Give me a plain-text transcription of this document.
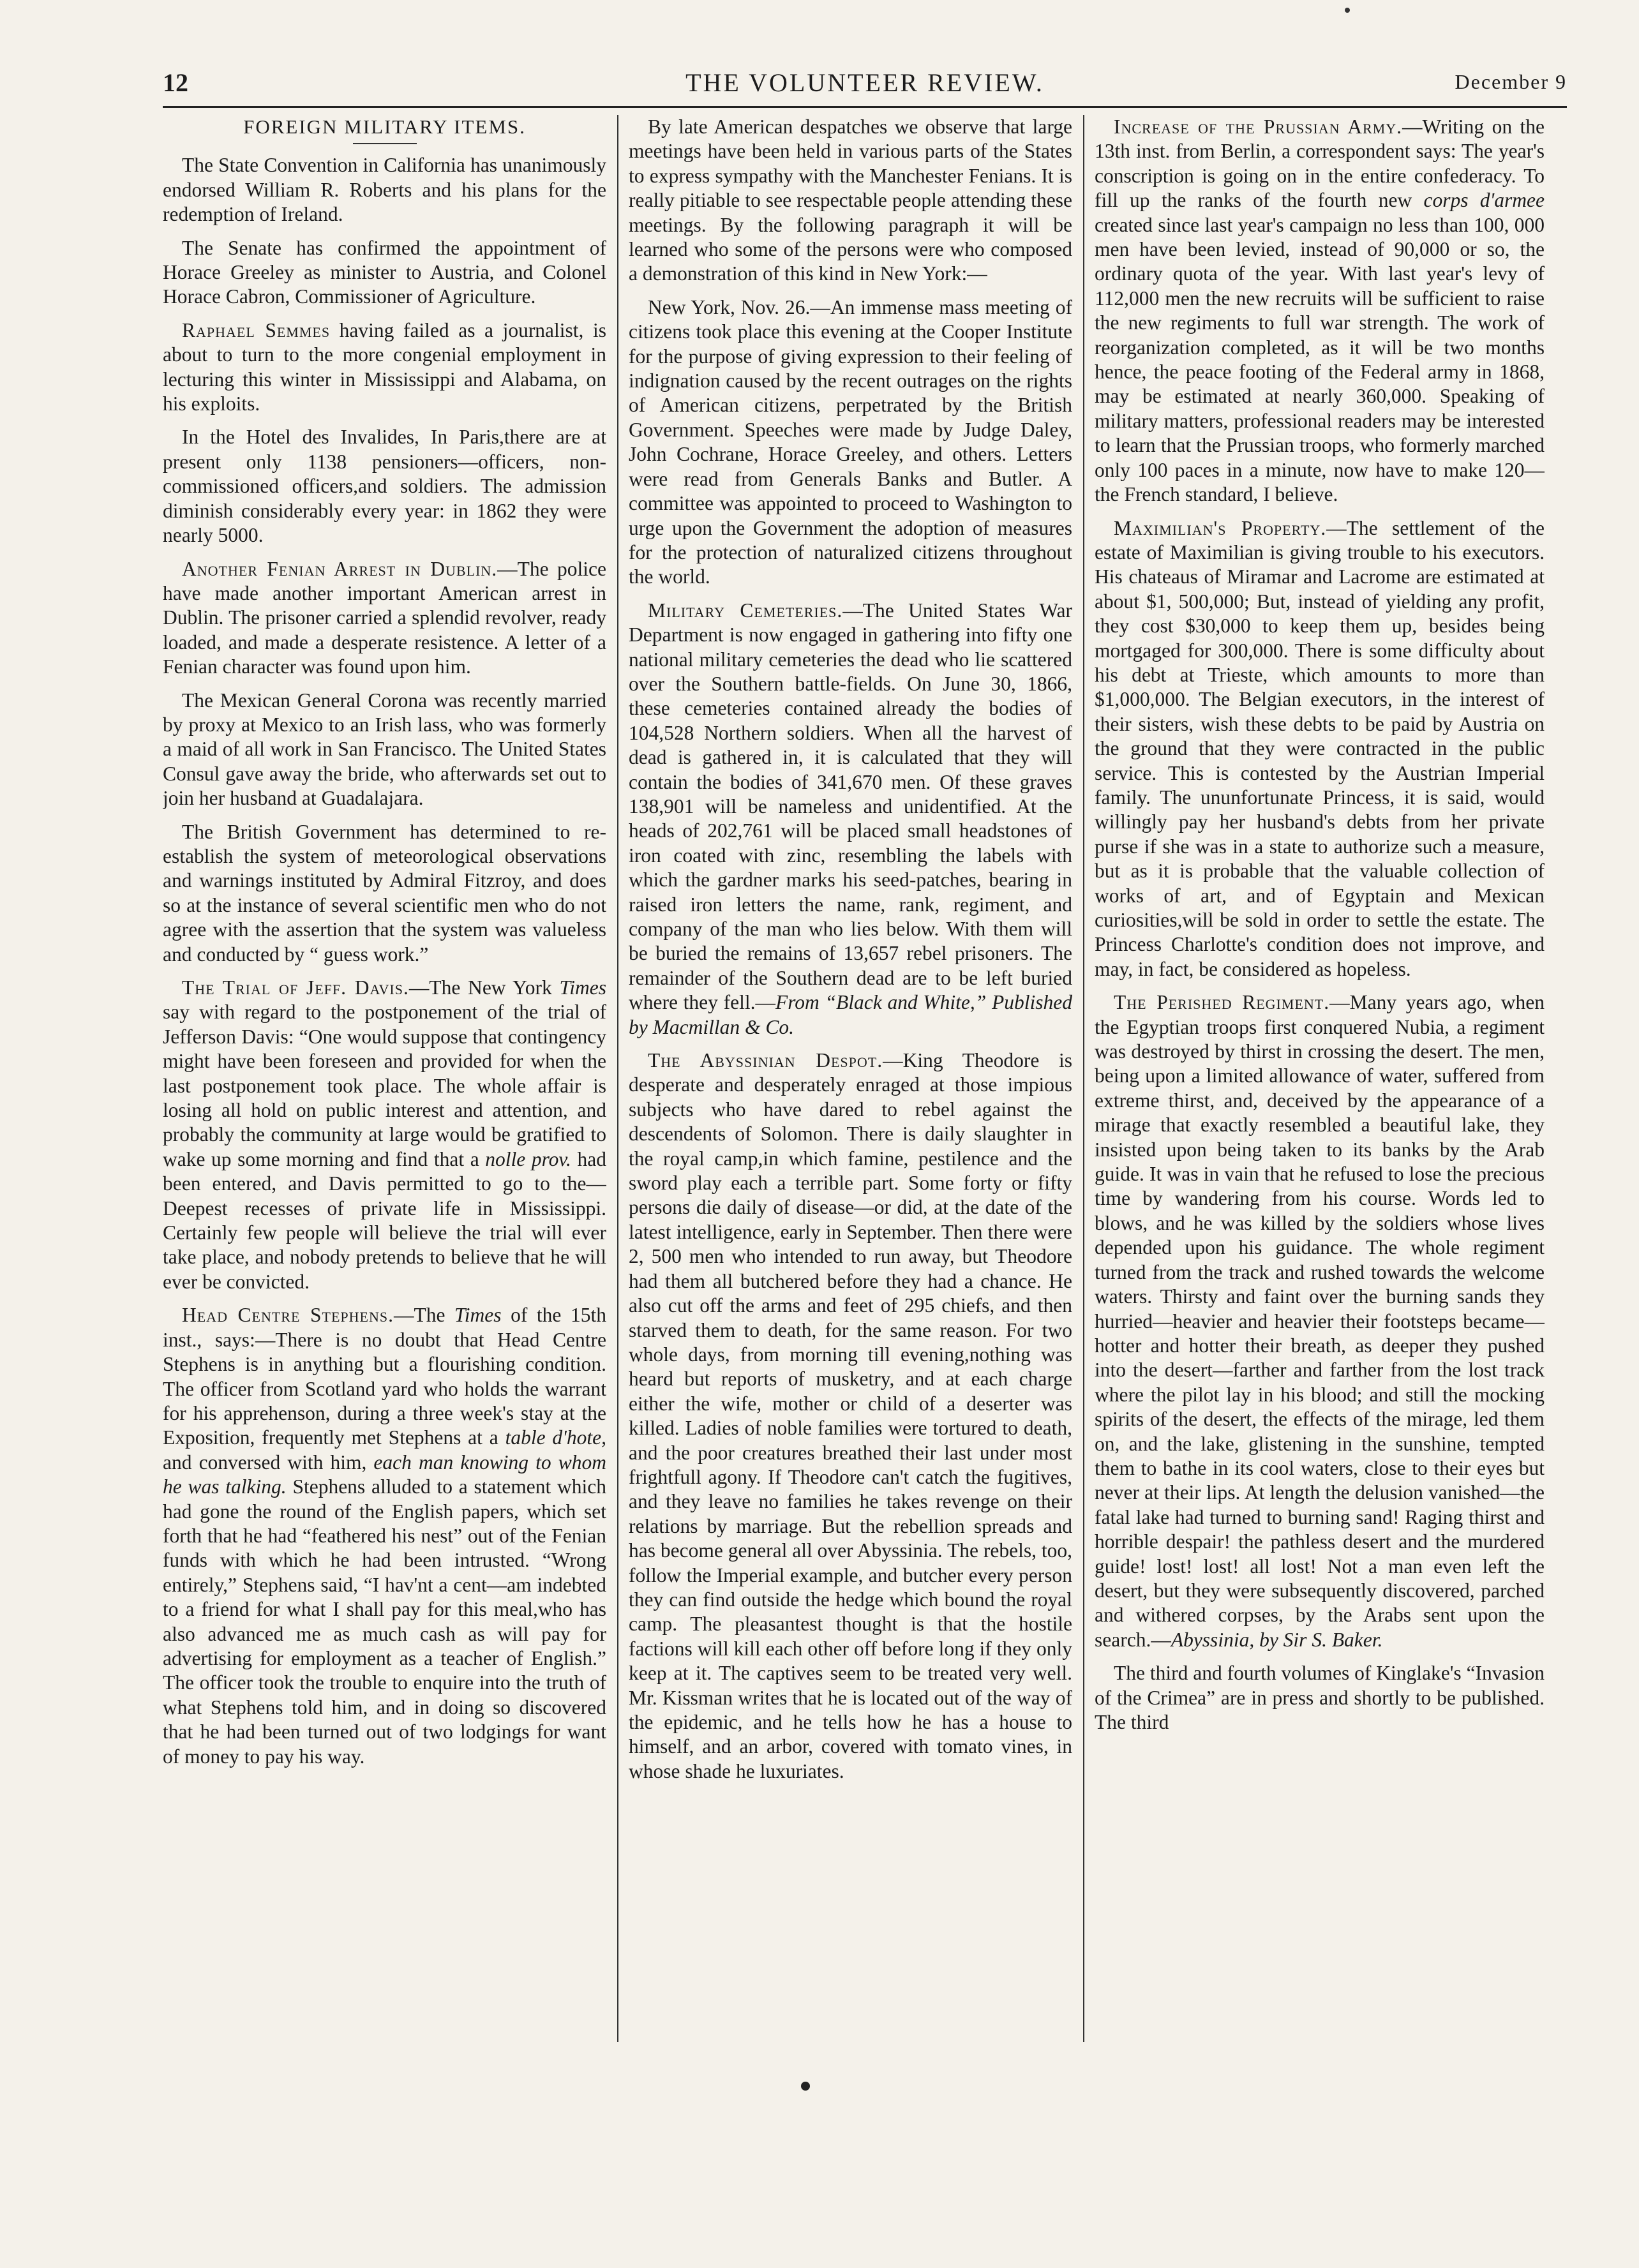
12	THE VOLUNTEER REVIEW.	December 9
FOREIGN MILITARY ITEMS.

The State Convention in California has unanimously endorsed William R. Roberts and his plans for the redemption of Ireland.

The Senate has confirmed the appointment of Horace Greeley as minister to Austria, and Colonel Horace Cabron, Commissioner of Agriculture.

Raphael Semmes having failed as a journalist, is about to turn to the more congenial employment in lecturing this winter in Mississippi and Alabama, on his exploits.

In the Hotel des Invalides, In Paris,there are at present only 1138 pensioners—officers, non-commissioned officers,and soldiers. The admission diminish considerably every year: in 1862 they were nearly 5000.

Another Fenian Arrest in Dublin.—The police have made another important American arrest in Dublin. The prisoner carried a splendid revolver, ready loaded, and made a desperate resistence. A letter of a Fenian character was found upon him.

The Mexican General Corona was recently married by proxy at Mexico to an Irish lass, who was formerly a maid of all work in San Francisco. The United States Consul gave away the bride, who afterwards set out to join her husband at Guadalajara.

The British Government has determined to re-establish the system of meteorological observations and warnings instituted by Admiral Fitzroy, and does so at the instance of several scientific men who do not agree with the assertion that the system was valueless and conducted by “ guess work.”

The Trial of Jeff. Davis.—The New York Times say with regard to the postponement of the trial of Jefferson Davis: “One would suppose that contingency might have been foreseen and provided for when the last postponement took place. The whole affair is losing all hold on public interest and attention, and probably the community at large would be gratified to wake up some morning and find that a nolle prov. had been entered, and Davis permitted to go to the—Deepest recesses of private life in Mississippi. Certainly few people will believe the trial will ever take place, and nobody pretends to believe that he will ever be convicted.

Head Centre Stephens.—The Times of the 15th inst., says:—There is no doubt that Head Centre Stephens is in anything but a flourishing condition. The officer from Scotland yard who holds the warrant for his apprehenson, during a three week's stay at the Exposition, frequently met Stephens at a table d'hote, and conversed with him, each man knowing to whom he was talking. Stephens alluded to a statement which had gone the round of the English papers, which set forth that he had “feathered his nest” out of the Fenian funds with which he had been intrusted. “Wrong entirely,” Stephens said, “I hav'nt a cent—am indebted to a friend for what I shall pay for this meal,who has also advanced me as much cash as will pay for advertising for employment as a teacher of English.” The officer took the trouble to enquire into the truth of what Stephens told him, and in doing so discovered that he had been turned out of two lodgings for want of money to pay his way.

By late American despatches we observe that large meetings have been held in various parts of the States to express sympathy with the Manchester Fenians. It is really pitiable to see respectable people attending these meetings. By the following paragraph it will be learned who some of the persons were who composed a demonstration of this kind in New York:—

New York, Nov. 26.—An immense mass meeting of citizens took place this evening at the Cooper Institute for the purpose of giving expression to their feeling of indignation caused by the recent outrages on the rights of American citizens, perpetrated by the British Government. Speeches were made by Judge Daley, John Cochrane, Horace Greeley, and others. Letters were read from Generals Banks and Butler. A committee was appointed to proceed to Washington to urge upon the Government the adoption of measures for the protection of naturalized citizens throughout the world.

Military Cemeteries.—The United States War Department is now engaged in gathering into fifty one national military cemeteries the dead who lie scattered over the Southern battle-fields. On June 30, 1866, these cemeteries contained already the bodies of 104,528 Northern soldiers. When all the harvest of dead is gathered in, it is calculated that they will contain the bodies of 341,670 men. Of these graves 138,901 will be nameless and unidentified. At the heads of 202,761 will be placed small headstones of iron coated with zinc, resembling the labels with which the gardner marks his seed-patches, bearing in raised iron letters the name, rank, regiment, and company of the man who lies below. With them will be buried the remains of 13,657 rebel prisoners. The remainder of the Southern dead are to be left buried where they fell.—From “Black and White,” Published by Macmillan & Co.

The Abyssinian Despot.—King Theodore is desperate and desperately enraged at those impious subjects who have dared to rebel against the descendents of Solomon. There is daily slaughter in the royal camp,in which famine, pestilence and the sword play each a terrible part. Some forty or fifty persons die daily of disease—or did, at the date of the latest intelligence, early in September. Then there were 2, 500 men who intended to run away, but Theodore had them all butchered before they had a chance. He also cut off the arms and feet of 295 chiefs, and then starved them to death, for the same reason. For two whole days, from morning till evening,nothing was heard but reports of musketry, and at each charge either the wife, mother or child of a deserter was killed. Ladies of noble families were tortured to death, and the poor creatures breathed their last under most frightfull agony. If Theodore can't catch the fugitives, and they leave no families he takes revenge on their relations by marriage. But the rebellion spreads and has become general all over Abyssinia. The rebels, too, follow the Imperial example, and butcher every person they can find outside the hedge which bound the royal camp. The pleasantest thought is that the hostile factions will kill each other off before long if they only keep at it. The captives seem to be treated very well. Mr. Kissman writes that he is located out of the way of the epidemic, and he tells how he has a house to himself, and an arbor, covered with tomato vines, in whose shade he luxuriates.

Increase of the Prussian Army.—Writing on the 13th inst. from Berlin, a correspondent says: The year's conscription is going on in the entire confederacy. To fill up the ranks of the fourth new corps d'armee created since last year's campaign no less than 100, 000 men have been levied, instead of 90,000 or so, the ordinary quota of the year. With last year's levy of 112,000 men the new recruits will be sufficient to raise the new regiments to full war strength. The work of reorganization completed, as it will be two months hence, the peace footing of the Federal army in 1868, may be estimated at nearly 360,000. Speaking of military matters, professional readers may be interested to learn that the Prussian troops, who formerly marched only 100 paces in a minute, now have to make 120—the French standard, I believe.

Maximilian's Property.—The settlement of the estate of Maximilian is giving trouble to his executors. His chateaus of Miramar and Lacrome are estimated at about $1, 500,000; But, instead of yielding any profit, they cost $30,000 to keep them up, besides being mortgaged for 300,000. There is some difficulty about his debt at Trieste, which amounts to more than $1,000,000. The Belgian executors, in the interest of their sisters, wish these debts to be paid by Austria on the ground that they were contracted in the public service. This is contested by the Austrian Imperial family. The ununfortunate Princess, it is said, would willingly pay her husband's debts from her private purse if she was in a state to authorize such a measure, but as it is probable that the valuable collection of works of art, and of Egyptain and Mexican curiosities,will be sold in order to settle the estate. The Princess Charlotte's condition does not improve, and may, in fact, be considered as hopeless.

The Perished Regiment.—Many years ago, when the Egyptian troops first conquered Nubia, a regiment was destroyed by thirst in crossing the desert. The men, being upon a limited allowance of water, suffered from extreme thirst, and, deceived by the appearance of a mirage that exactly resembled a beautiful lake, they insisted upon being taken to its banks by the Arab guide. It was in vain that he refused to lose the precious time by wandering from his course. Words led to blows, and he was killed by the soldiers whose lives depended upon his guidance. The whole regiment turned from the track and rushed towards the welcome waters. Thirsty and faint over the burning sands they hurried—heavier and heavier their footsteps became—hotter and hotter their breath, as deeper they pushed into the desert—farther and farther from the lost track where the pilot lay in his blood; and still the mocking spirits of the desert, the effects of the mirage, led them on, and the lake, glistening in the sunshine, tempted them to bathe in its cool waters, close to their eyes but never at their lips. At length the delusion vanished—the fatal lake had turned to burning sand! Raging thirst and horrible despair! the pathless desert and the murdered guide! lost! lost! all lost! Not a man even left the desert, but they were subsequently discovered, parched and withered corpses, by the Arabs sent upon the search.—Abyssinia, by Sir S. Baker.

The third and fourth volumes of Kinglake's “Invasion of the Crimea” are in press and shortly to be published. The third
